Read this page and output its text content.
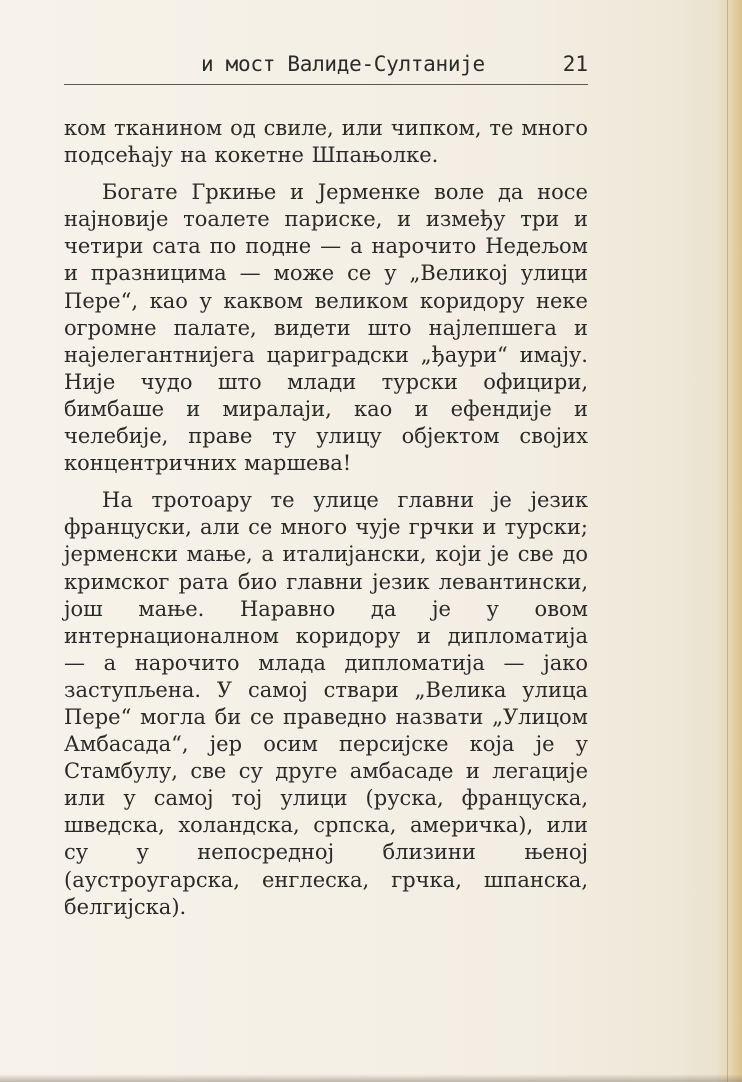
и мост Валиде-Султаније	21

ком тканином од свиле, или чипком, те много подсећају на кокетне Шпањолке.

Богате Гркиње и Јерменке воле да носе најновије тоалете париске, и између три и четири сата по подне — а нарочито Недељом и празницима — може се у „Великој улици Пере“, као у каквом великом коридору неке огромне палате, видети што најлепшега и најелегантнијега цариградски „ђаури“ имају. Није чудо што млади турски официри, бимбаше и миралаји, као и ефендије и челебије, праве ту улицу објектом својих концентричних маршева!

На тротоару те улице главни је језик француски, али се много чује грчки и турски; јерменски мање, а италијански, који је све до кримског рата био главни језик левантински, још мање. Наравно да је у овом интернационалном коридору и дипломатија — а нарочито млада дипломатија — јако заступљена. У самој ствари „Велика улица Пере“ могла би се праведно назвати „Улицом Амбасада“, јер осим персијске која је у Стамбулу, све су друге амбасаде и легације или у самој тој улици (руска, француска, шведска, холандска, српска, америчка), или су у непосредној близини њеној (аустроугарска, енглеска, грчка, шпанска, белгијска).
